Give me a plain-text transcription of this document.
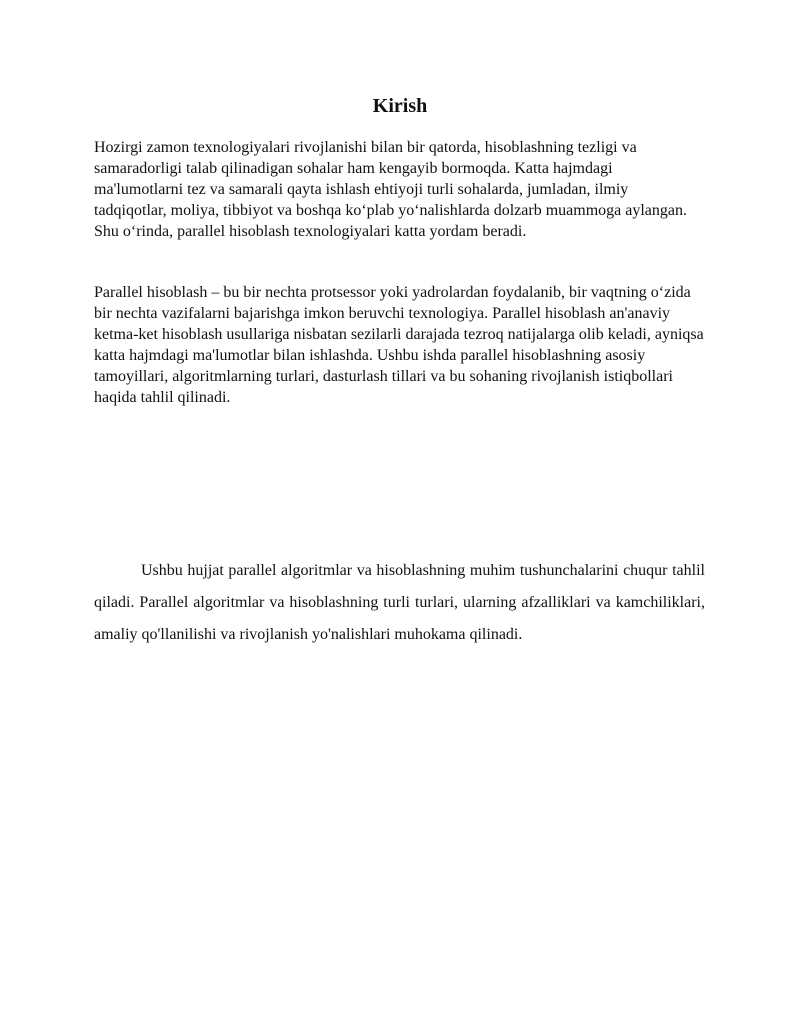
Kirish

Hozirgi zamon texnologiyalari rivojlanishi bilan bir qatorda, hisoblashning tezligi va samaradorligi talab qilinadigan sohalar ham kengayib bormoqda. Katta hajmdagi ma'lumotlarni tez va samarali qayta ishlash ehtiyoji turli sohalarda, jumladan, ilmiy tadqiqotlar, moliya, tibbiyot va boshqa koʻplab yoʻnalishlarda dolzarb muammoga aylangan. Shu oʻrinda, parallel hisoblash texnologiyalari katta yordam beradi.

Parallel hisoblash – bu bir nechta protsessor yoki yadrolardan foydalanib, bir vaqtning oʻzida bir nechta vazifalarni bajarishga imkon beruvchi texnologiya. Parallel hisoblash an'anaviy ketma-ket hisoblash usullariga nisbatan sezilarli darajada tezroq natijalarga olib keladi, ayniqsa katta hajmdagi ma'lumotlar bilan ishlashda. Ushbu ishda parallel hisoblashning asosiy tamoyillari, algoritmlarning turlari, dasturlash tillari va bu sohaning rivojlanish istiqbollari haqida tahlil qilinadi.

Ushbu hujjat parallel algoritmlar va hisoblashning muhim tushunchalarini chuqur tahlil qiladi. Parallel algoritmlar va hisoblashning turli turlari, ularning afzalliklari va kamchiliklari, amaliy qo'llanilishi va rivojlanish yo'nalishlari muhokama qilinadi.
